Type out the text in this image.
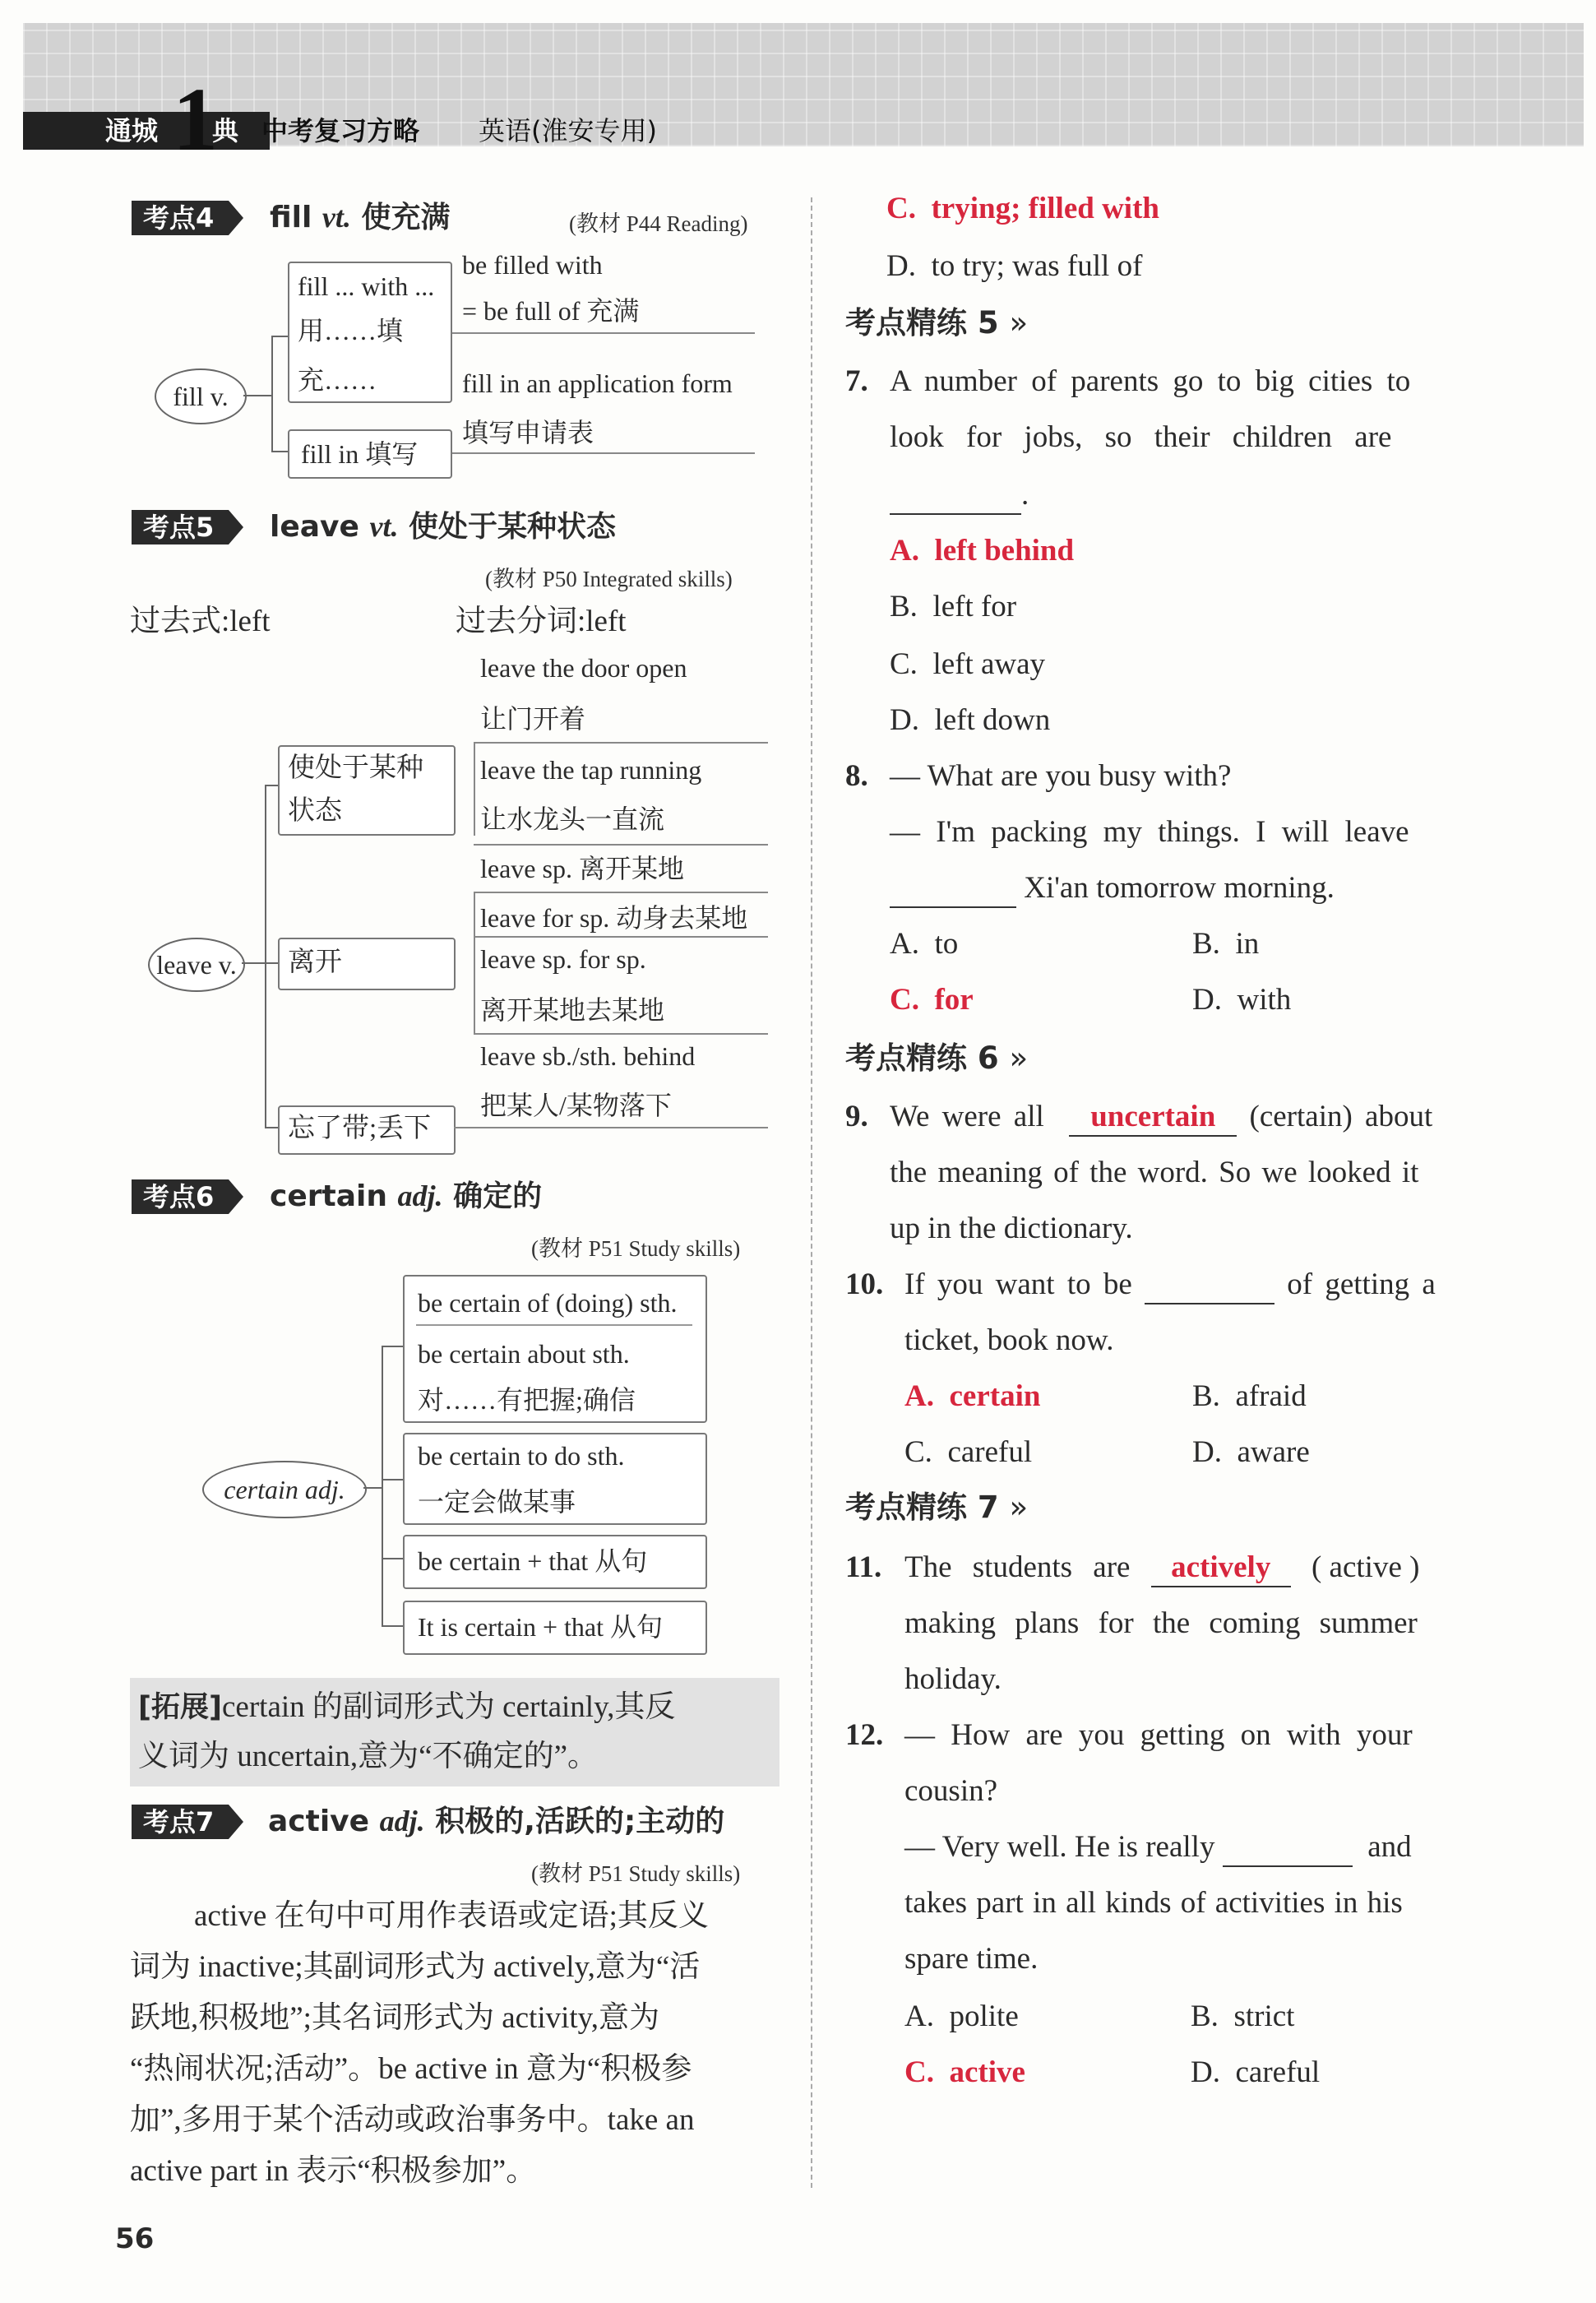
通城 1
典 中考复习方略 英语(淮安专用)
考点4	fill vt. 使充满	(教材 P44 Reading)
fill v.
fill ... with ...
用……填
充……
be filled with
= be full of 充满
fill in an application form
fill in 填写
填写申请表
考点5	leave vt. 使处于某种状态
(教材 P50 Integrated skills)
过去式:left	过去分词:left
leave v.
使处于某种
状态
leave the door open
让门开着
leave the tap running
让水龙头一直流
离开
leave sp. 离开某地
leave for sp. 动身去某地
leave sp. for sp.
离开某地去某地
忘了带;丢下
leave sb./sth. behind
把某人/某物落下
考点6	certain adj. 确定的
(教材 P51 Study skills)
certain adj.
be certain of (doing) sth.
be certain about sth.
对……有把握;确信
be certain to do sth.
一定会做某事
be certain + that 从句
It is certain + that 从句
[拓展]certain 的副词形式为 certainly,其反
义词为 uncertain,意为“不确定的”。
考点7	active adj. 积极的,活跃的;主动的
(教材 P51 Study skills)
active 在句中可用作表语或定语;其反义
词为 inactive;其副词形式为 actively,意为“活
跃地,积极地”;其名词形式为 activity,意为
“热闹状况;活动”。be active in 意为“积极参
加”,多用于某个活动或政治事务中。take an
active part in 表示“积极参加”。
56
C. trying; filled with
D. to try; was full of
考点精练 5 »
7. A number of parents go to big cities to
look for jobs, so their children are
.
A. left behind
B. left for
C. left away
D. left down
8. — What are you busy with?
— I'm packing my things. I will leave
Xi'an tomorrow morning.
A. to	B. in
C. for	D. with
考点精练 6 »
9. We were all uncertain (certain) about
the meaning of the word. So we looked it
up in the dictionary.
10. If you want to be	of getting a
ticket, book now.
A. certain	B. afraid
C. careful	D. aware
考点精练 7 »
11. The students are actively ( active )
making plans for the coming summer
holiday.
12. — How are you getting on with your
cousin?
— Very well. He is really	and
takes part in all kinds of activities in his
spare time.
A. polite	B. strict
C. active	D. careful
